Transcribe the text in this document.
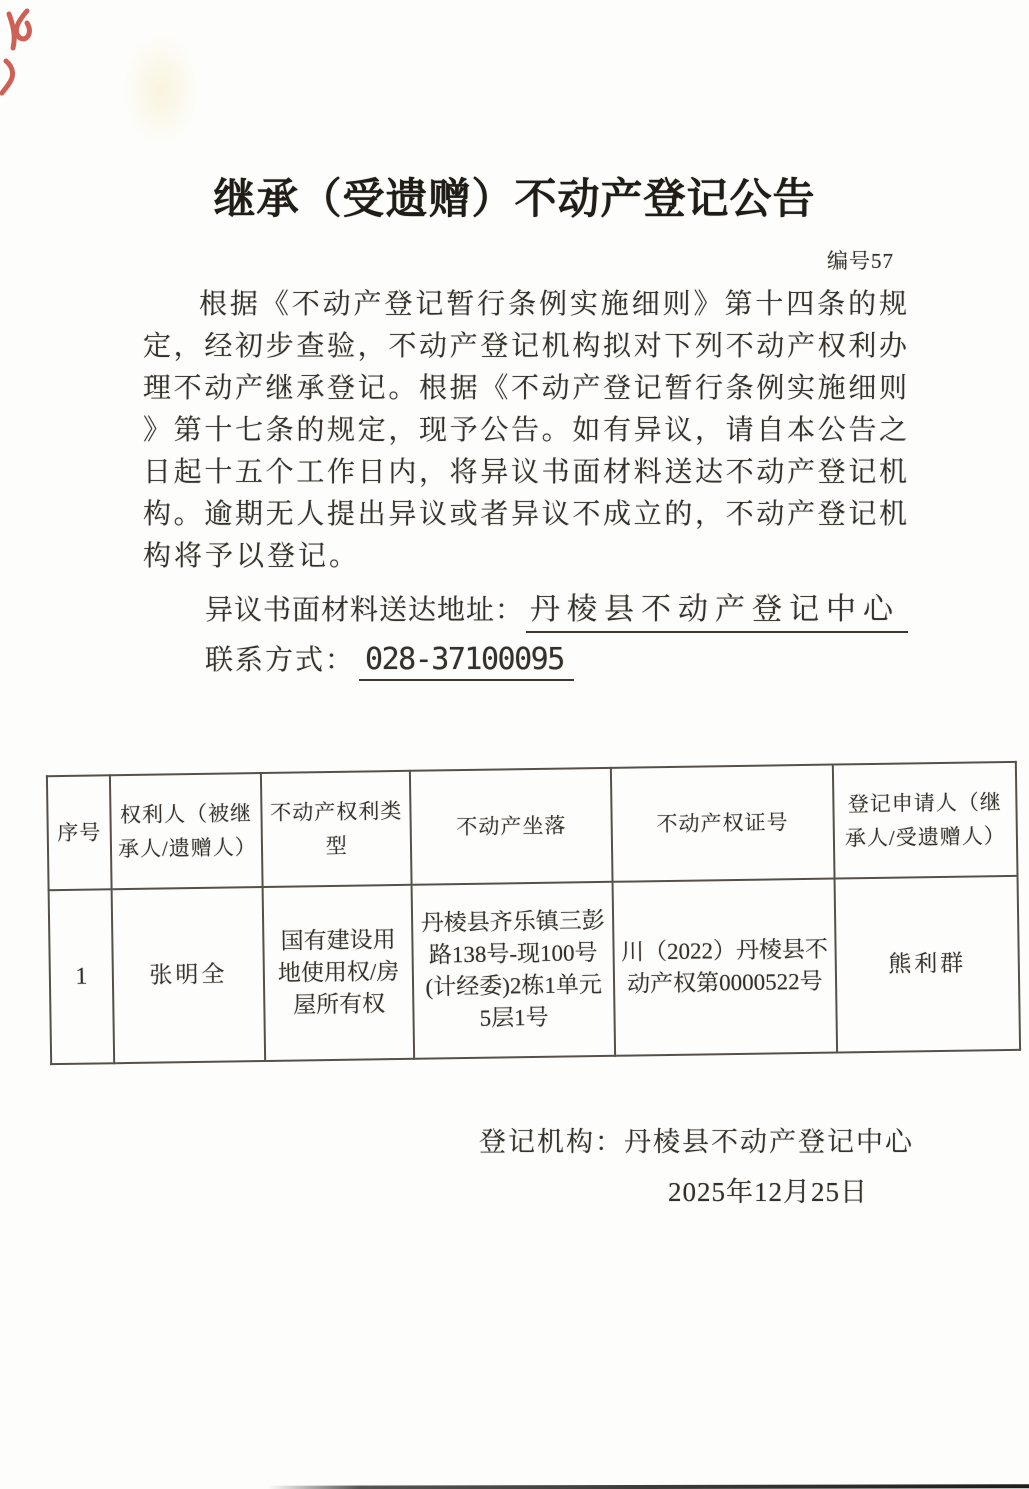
继承（受遗赠）不动产登记公告
编号57
根据《不动产登记暂行条例实施细则》第十四条的规
定，经初步查验，不动产登记机构拟对下列不动产权利办
理不动产继承登记。根据《不动产登记暂行条例实施细则
》第十七条的规定，现予公告。如有异议，请自本公告之
日起十五个工作日内，将异议书面材料送达不动产登记机
构。逾期无人提出异议或者异议不成立的，不动产登记机
构将予以登记。
异议书面材料送达地址： 丹棱县不动产登记中心
联系方式： 028-37100095
序号	权利人（被继承人/遗赠人）	不动产权利类型	不动产坐落	不动产权证号	登记申请人（继承人/受遗赠人）
1	张明全	国有建设用地使用权/房屋所有权	丹棱县齐乐镇三彭路138号-现100号(计经委)2栋1单元5层1号	川（2022）丹棱县不动产权第0000522号	熊利群
登记机构：丹棱县不动产登记中心
2025年12月25日
